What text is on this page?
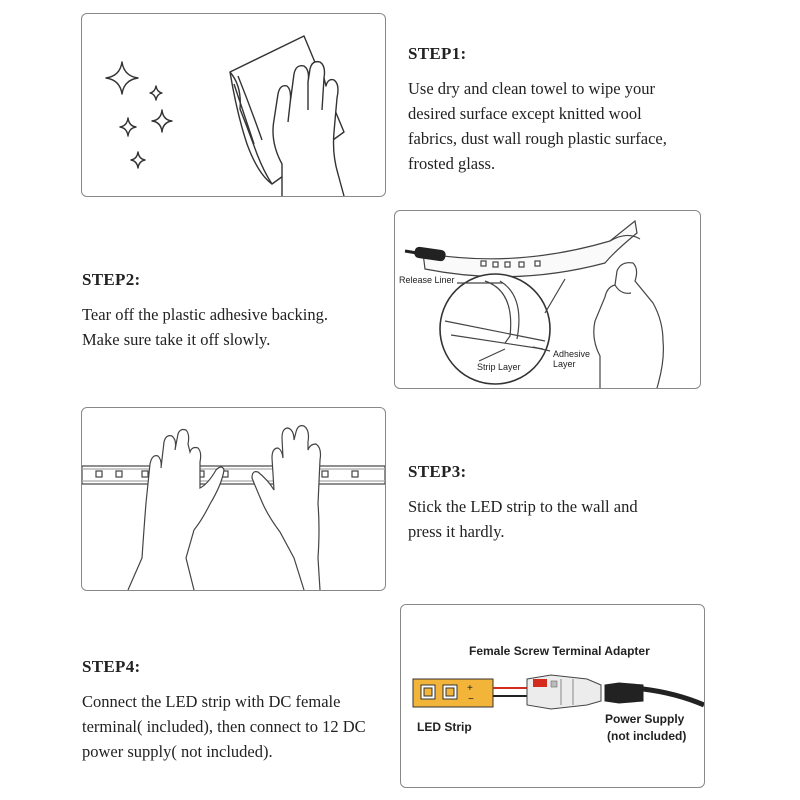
STEP1:

Use dry and clean towel to wipe your
desired surface except knitted wool
fabrics, dust wall rough plastic surface,
frosted glass.

STEP2:

Tear off the plastic adhesive backing.
Make sure take it off slowly.

Release Liner
Strip Layer
Adhesive
Layer
STEP3:

Stick the LED strip to the wall and
press it hardly.

STEP4:

Connect the LED strip with DC female
terminal( included), then connect to 12 DC
power supply( not included).

Female Screw Terminal Adapter
+
−
LED Strip
Power Supply
(not included)
